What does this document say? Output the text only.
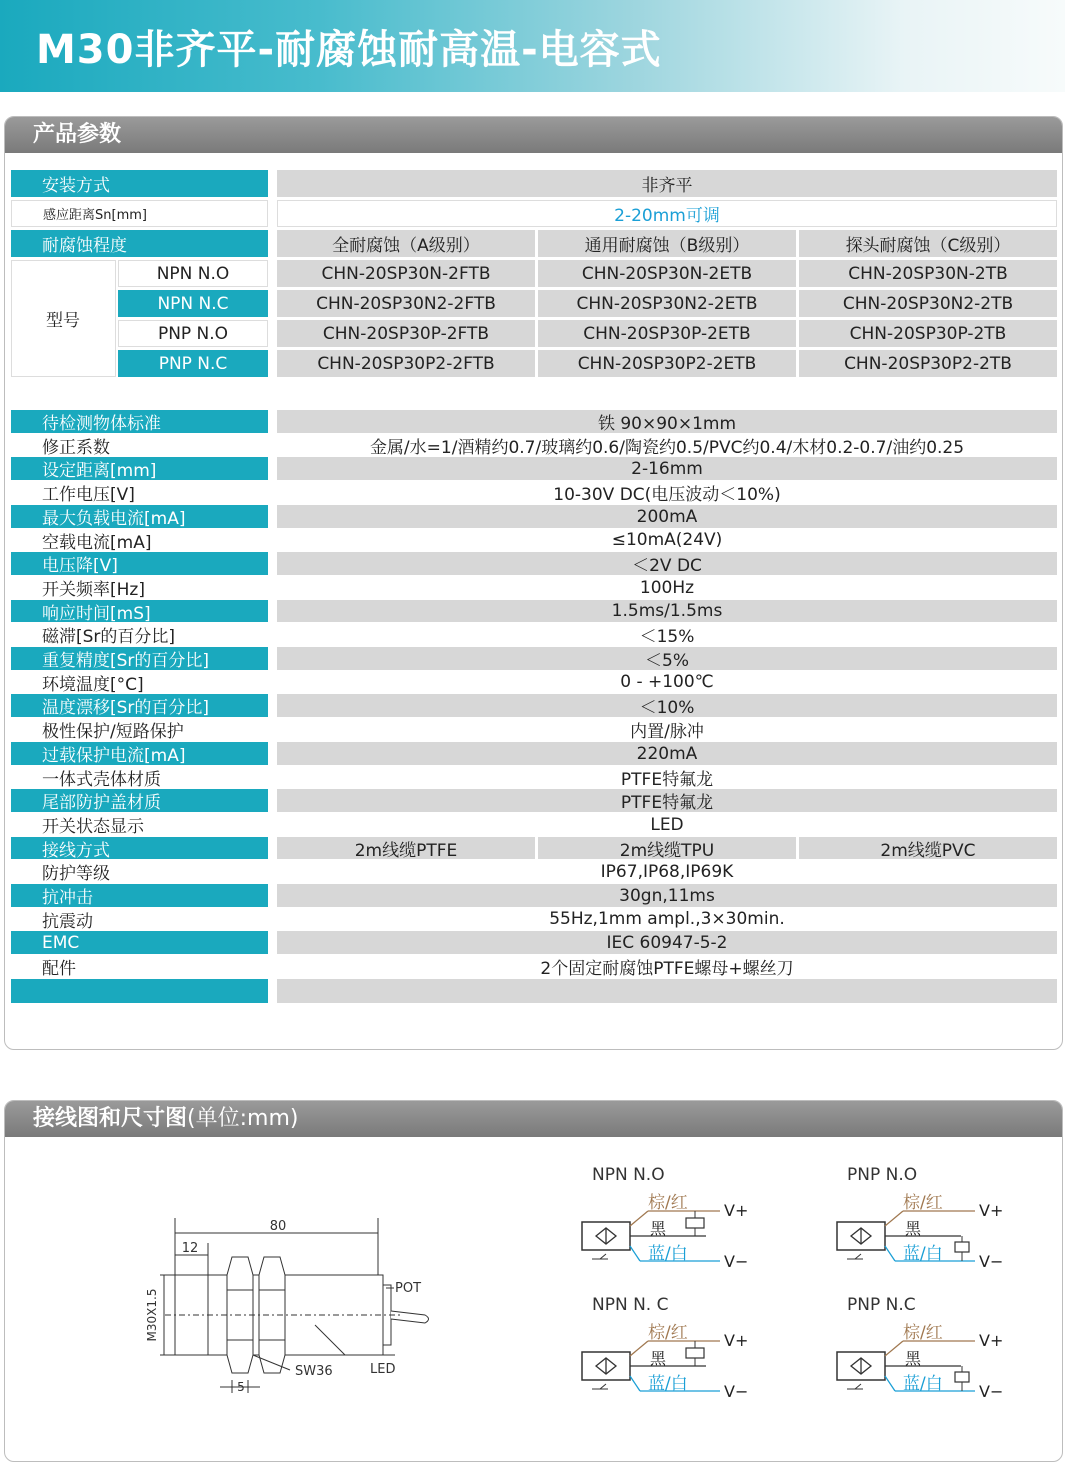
M30非齐平-耐腐蚀耐高温-电容式
产品参数
安装方式	非齐平
感应距离Sn[mm]	2-20mm可调
耐腐蚀程度	全耐腐蚀（A级别）	通用耐腐蚀（B级别）	探头耐腐蚀（C级别）
型号
NPN N.O	CHN-20SP30N-2FTB	CHN-20SP30N-2ETB	CHN-20SP30N-2TB
NPN N.C	CHN-20SP30N2-2FTB	CHN-20SP30N2-2ETB	CHN-20SP30N2-2TB
PNP N.O	CHN-20SP30P-2FTB	CHN-20SP30P-2ETB	CHN-20SP30P-2TB
PNP N.C	CHN-20SP30P2-2FTB	CHN-20SP30P2-2ETB	CHN-20SP30P2-2TB
待检测物体标准	铁 90×90×1mm
修正系数	金属/水=1/酒精约0.7/玻璃约0.6/陶瓷约0.5/PVC约0.4/木材0.2-0.7/油约0.25
设定距离[mm]	2-16mm
工作电压[V]	10-30V DC(电压波动＜10%)
最大负载电流[mA]	200mA
空载电流[mA]	≤10mA(24V)
电压降[V]	＜2V DC
开关频率[Hz]	100Hz
响应时间[mS]	1.5ms/1.5ms
磁滞[Sr的百分比]	＜15%
重复精度[Sr的百分比]	＜5%
环境温度[°C]	0 - +100℃
温度漂移[Sr的百分比]	＜10%
极性保护/短路保护	内置/脉冲
过载保护电流[mA]	220mA
一体式壳体材质	PTFE特氟龙
尾部防护盖材质	PTFE特氟龙
开关状态显示	LED
接线方式	2m线缆PTFE	2m线缆TPU	2m线缆PVC
防护等级	IP67,IP68,IP69K
抗冲击	30gn,11ms
抗震动	55Hz,1mm ampl.,3×30min.
EMC	IEC 60947-5-2
配件	2个固定耐腐蚀PTFE螺母+螺丝刀
接线图和尺寸图(单位:mm)
80
12
M30X1.5
5
POT
SW36	LED
NPN N.O
棕/红
黑
蓝/白
V+
V−
PNP N.O
棕/红
黑
蓝/白
V+
V−
NPN N. C
棕/红
黑
蓝/白
V+
V−
PNP N.C
棕/红
黑
蓝/白
V+
V−
